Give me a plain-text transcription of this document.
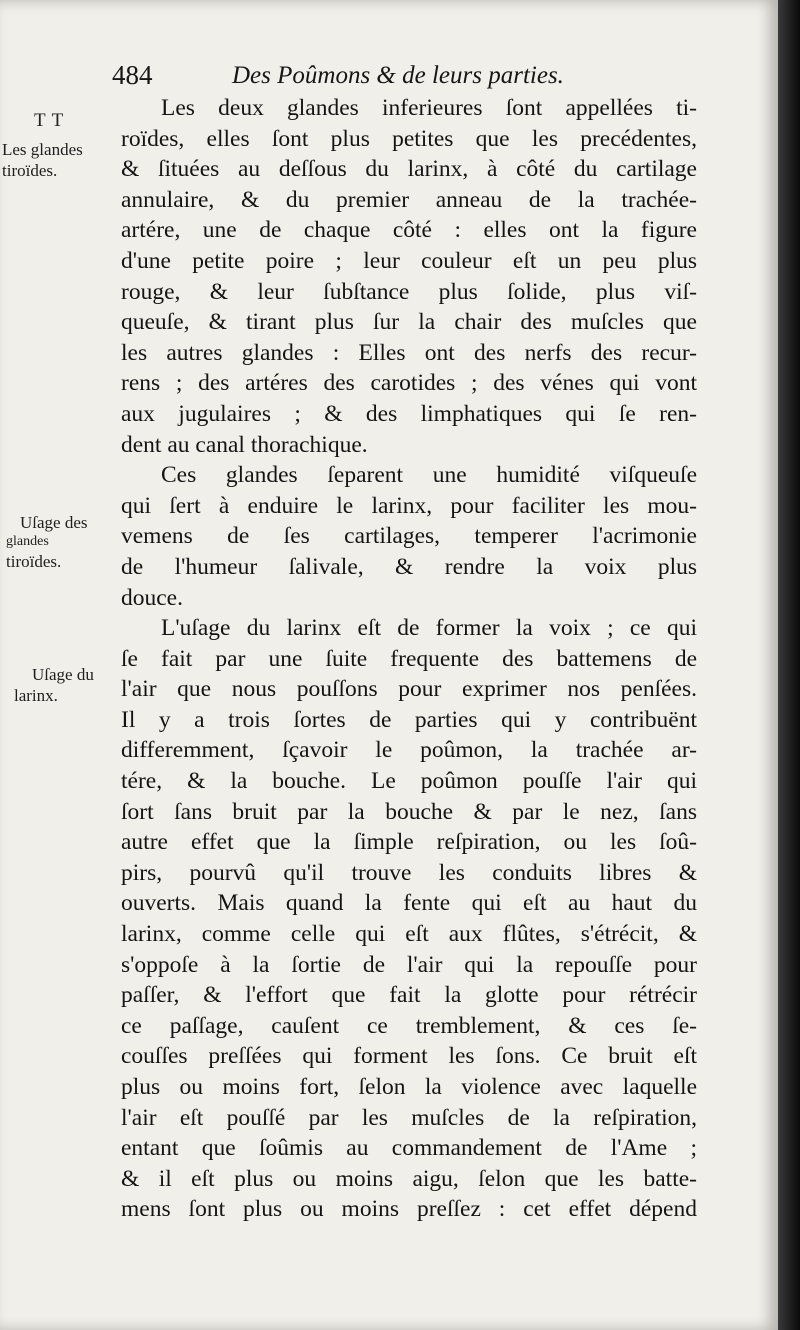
484	Des Poûmons & de leurs parties.
T T
Les glandes
tiroïdes.
Uſage des
glandes
tiroïdes.
Uſage du
larinx.
Les deux glandes inferieures ſont appellées ti-
roïdes, elles ſont plus petites que les precédentes,
& ſituées au deſſous du larinx, à côté du cartilage
annulaire, & du premier anneau de la trachée-
artére, une de chaque côté : elles ont la figure
d'une petite poire ; leur couleur eſt un peu plus
rouge, & leur ſubſtance plus ſolide, plus viſ-
queuſe, & tirant plus ſur la chair des muſcles que
les autres glandes : Elles ont des nerfs des recur-
rens ; des artéres des carotides ; des vénes qui vont
aux jugulaires ; & des limphatiques qui ſe ren-
dent au canal thorachique.
Ces glandes ſeparent une humidité viſqueuſe
qui ſert à enduire le larinx, pour faciliter les mou-
vemens de ſes cartilages, temperer l'acrimonie
de l'humeur ſalivale, & rendre la voix plus
douce.
L'uſage du larinx eſt de former la voix ; ce qui
ſe fait par une ſuite frequente des battemens de
l'air que nous pouſſons pour exprimer nos penſées.
Il y a trois ſortes de parties qui y contribuënt
differemment, ſçavoir le poûmon, la trachée ar-
tére, & la bouche. Le poûmon pouſſe l'air qui
ſort ſans bruit par la bouche & par le nez, ſans
autre effet que la ſimple reſpiration, ou les ſoû-
pirs, pourvû qu'il trouve les conduits libres &
ouverts. Mais quand la fente qui eſt au haut du
larinx, comme celle qui eſt aux flûtes, s'étrécit, &
s'oppoſe à la ſortie de l'air qui la repouſſe pour
paſſer, & l'effort que fait la glotte pour rétrécir
ce paſſage, cauſent ce tremblement, & ces ſe-
couſſes preſſées qui forment les ſons. Ce bruit eſt
plus ou moins fort, ſelon la violence avec laquelle
l'air eſt pouſſé par les muſcles de la reſpiration,
entant que ſoûmis au commandement de l'Ame ;
& il eſt plus ou moins aigu, ſelon que les batte-
mens ſont plus ou moins preſſez : cet effet dépend
